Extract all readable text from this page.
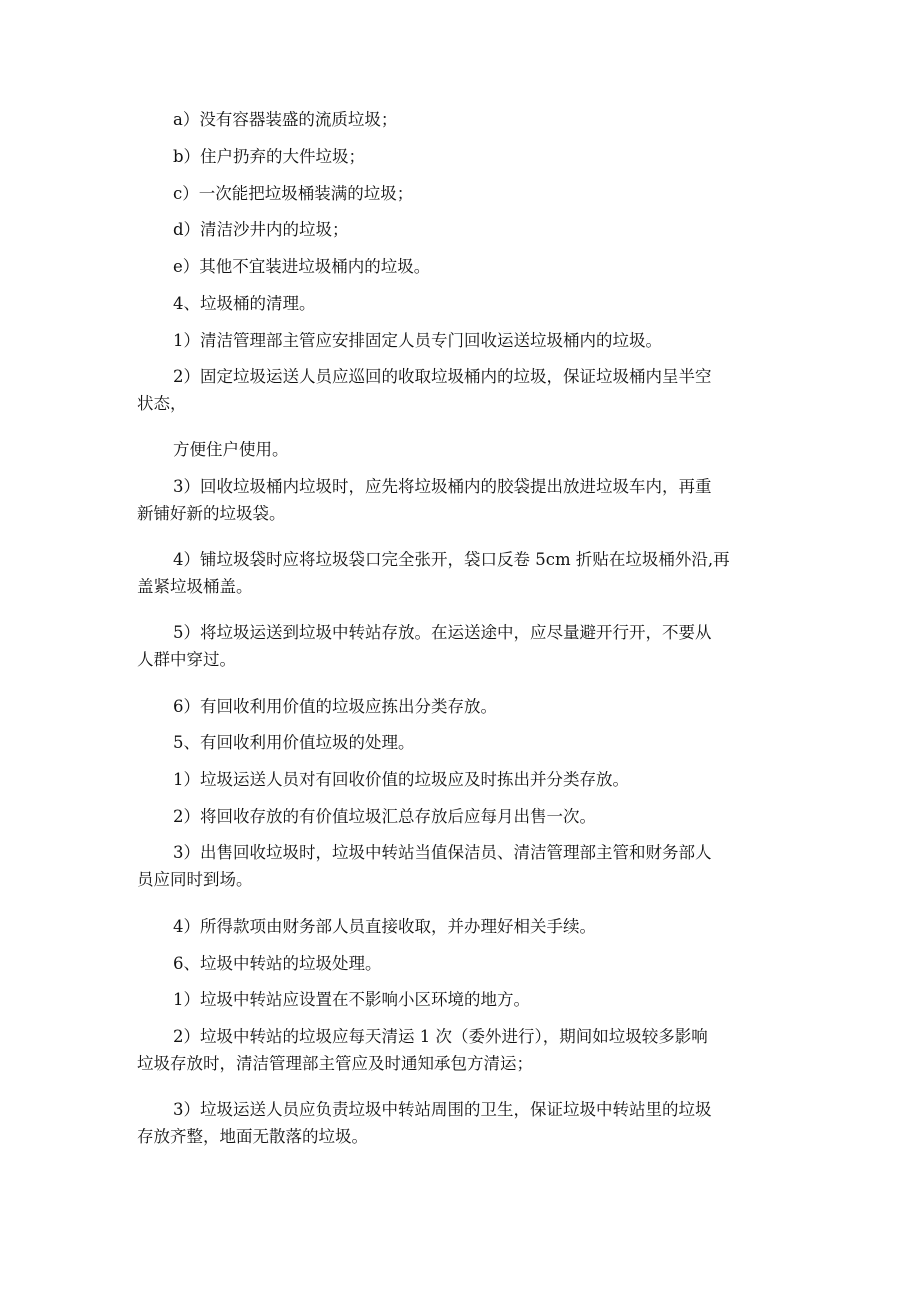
a）没有容器装盛的流质垃圾；

b）住户扔弃的大件垃圾；

c）一次能把垃圾桶装满的垃圾；

d）清洁沙井内的垃圾；

e）其他不宜装进垃圾桶内的垃圾。

4、垃圾桶的清理。

1）清洁管理部主管应安排固定人员专门回收运送垃圾桶内的垃圾。

2）固定垃圾运送人员应巡回的收取垃圾桶内的垃圾，保证垃圾桶内呈半空
状态，

方便住户使用。

3）回收垃圾桶内垃圾时，应先将垃圾桶内的胶袋提出放进垃圾车内，再重
新铺好新的垃圾袋。
4）铺垃圾袋时应将垃圾袋口完全张开，袋口反卷 5cm 折贴在垃圾桶外沿,再
盖紧垃圾桶盖。
5）将垃圾运送到垃圾中转站存放。在运送途中，应尽量避开行开，不要从
人群中穿过。

6）有回收利用价值的垃圾应拣出分类存放。

5、有回收利用价值垃圾的处理。

1）垃圾运送人员对有回收价值的垃圾应及时拣出并分类存放。

2）将回收存放的有价值垃圾汇总存放后应每月出售一次。

3）出售回收垃圾时，垃圾中转站当值保洁员、清洁管理部主管和财务部人
员应同时到场。

4）所得款项由财务部人员直接收取，并办理好相关手续。

6、垃圾中转站的垃圾处理。

1）垃圾中转站应设置在不影响小区环境的地方。

2）垃圾中转站的垃圾应每天清运 1 次（委外进行），期间如垃圾较多影响
垃圾存放时，清洁管理部主管应及时通知承包方清运；
3）垃圾运送人员应负责垃圾中转站周围的卫生，保证垃圾中转站里的垃圾
存放齐整，地面无散落的垃圾。
